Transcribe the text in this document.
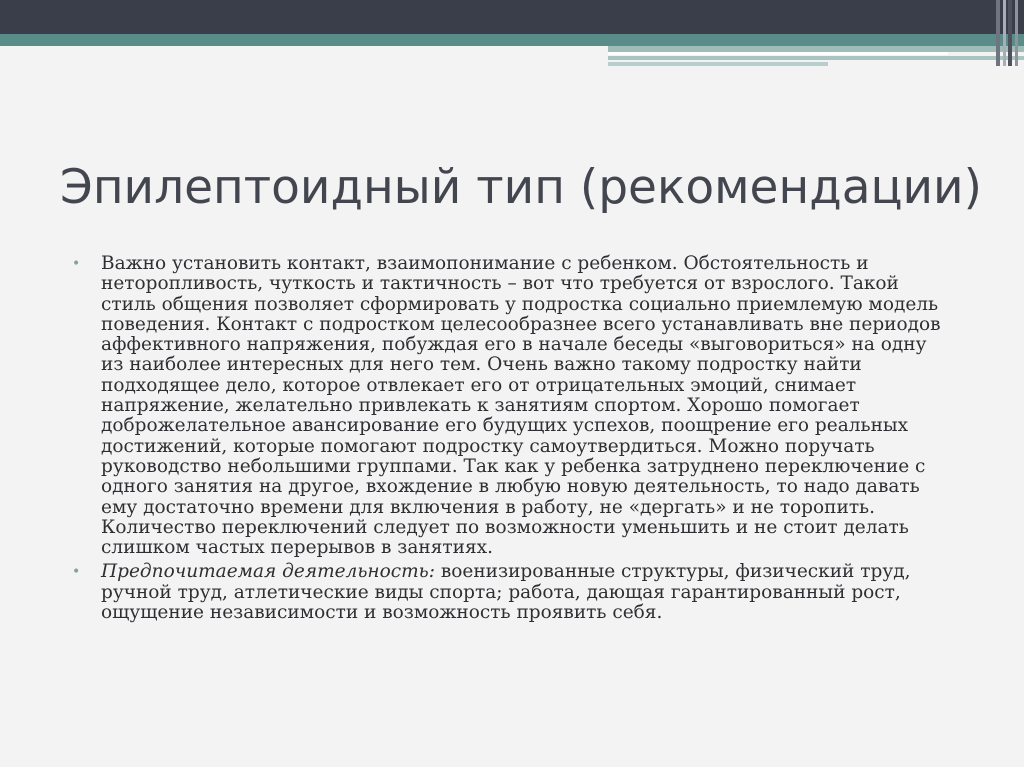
Эпилептоидный тип (рекомендации)
• Важно установить контакт, взаимопонимание с ребенком. Обстоятельность и
неторопливость, чуткость и тактичность – вот что требуется от взрослого. Такой
стиль общения позволяет сформировать у подростка социально приемлемую модель
поведения. Контакт с подростком целесообразнее всего устанавливать вне периодов
аффективного напряжения, побуждая его в начале беседы «выговориться» на одну
из наиболее интересных для него тем. Очень важно такому подростку найти
подходящее дело, которое отвлекает его от отрицательных эмоций, снимает
напряжение, желательно привлекать к занятиям спортом. Хорошо помогает
доброжелательное авансирование его будущих успехов, поощрение его реальных
достижений, которые помогают подростку самоутвердиться. Можно поручать
руководство небольшими группами. Так как у ребенка затруднено переключение с
одного занятия на другое, вхождение в любую новую деятельность, то надо давать
ему достаточно времени для включения в работу, не «дергать» и не торопить.
Количество переключений следует по возможности уменьшить и не стоит делать
слишком частых перерывов в занятиях.
• Предпочитаемая деятельность: военизированные структуры, физический труд,
ручной труд, атлетические виды спорта; работа, дающая гарантированный рост,
ощущение независимости и возможность проявить себя.
